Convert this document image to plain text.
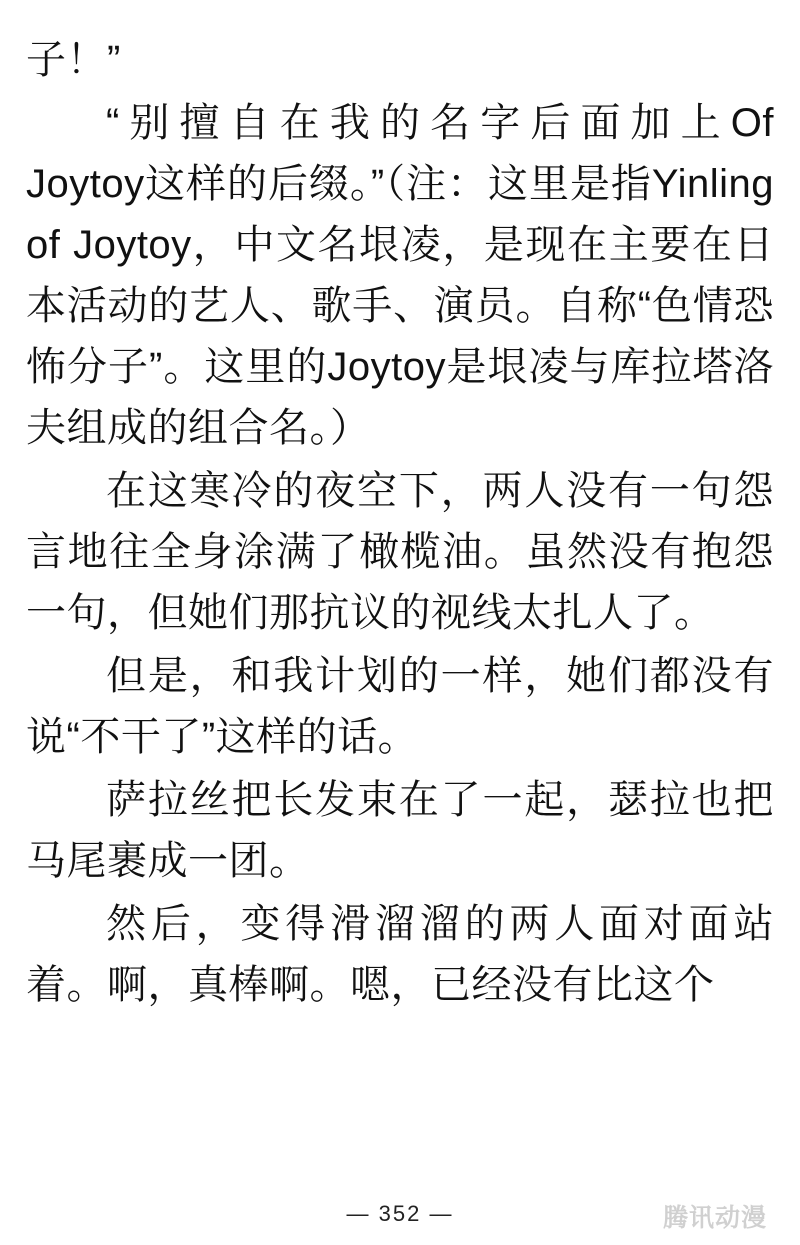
子！”

“别擅自在我的名字后面加上Of Joytoy这样的后缀。”（注：这里是指Yinling of Joytoy，中文名垠凌，是现在主要在日本活动的艺人、歌手、演员。自称“色情恐怖分子”。这里的Joytoy是垠凌与库拉塔洛夫组成的组合名。）

在这寒冷的夜空下，两人没有一句怨言地往全身涂满了橄榄油。虽然没有抱怨一句，但她们那抗议的视线太扎人了。

但是，和我计划的一样，她们都没有说“不干了”这样的话。

萨拉丝把长发束在了一起，瑟拉也把马尾裹成一团。

然后，变得滑溜溜的两人面对面站着。啊，真棒啊。嗯，已经没有比这个

— 352 —	腾讯动漫
